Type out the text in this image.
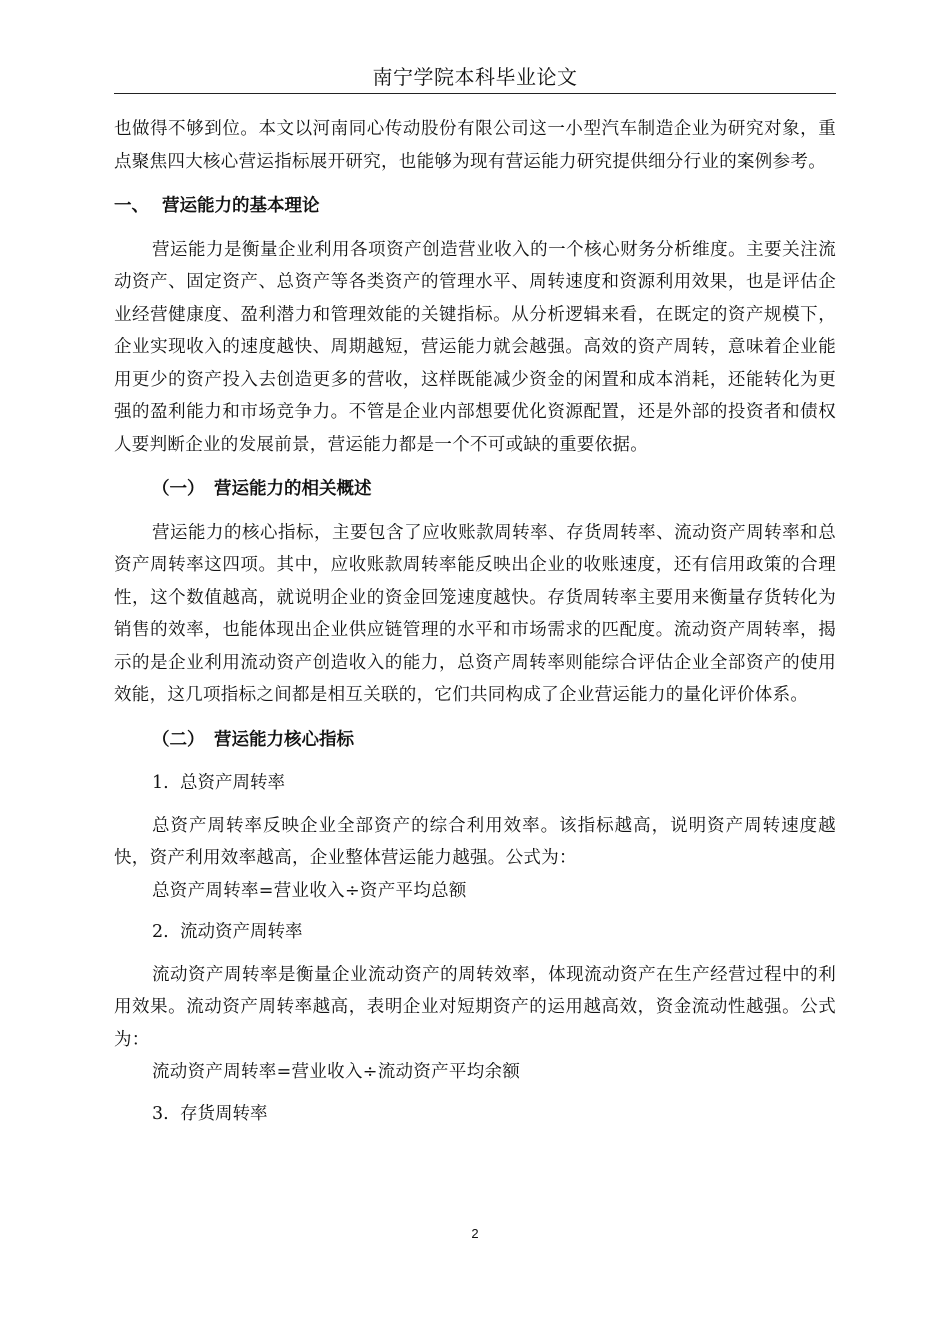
南宁学院本科毕业论文

也做得不够到位。本文以河南同心传动股份有限公司这一小型汽车制造企业为研究对象，重点聚焦四大核心营运指标展开研究，也能够为现有营运能力研究提供细分行业的案例参考。

一、 营运能力的基本理论

营运能力是衡量企业利用各项资产创造营业收入的一个核心财务分析维度。主要关注流动资产、固定资产、总资产等各类资产的管理水平、周转速度和资源利用效果，也是评估企业经营健康度、盈利潜力和管理效能的关键指标。从分析逻辑来看，在既定的资产规模下，企业实现收入的速度越快、周期越短，营运能力就会越强。高效的资产周转，意味着企业能用更少的资产投入去创造更多的营收，这样既能减少资金的闲置和成本消耗，还能转化为更强的盈利能力和市场竞争力。不管是企业内部想要优化资源配置，还是外部的投资者和债权人要判断企业的发展前景，营运能力都是一个不可或缺的重要依据。

（一） 营运能力的相关概述

营运能力的核心指标，主要包含了应收账款周转率、存货周转率、流动资产周转率和总资产周转率这四项。其中，应收账款周转率能反映出企业的收账速度，还有信用政策的合理性，这个数值越高，就说明企业的资金回笼速度越快。存货周转率主要用来衡量存货转化为销售的效率，也能体现出企业供应链管理的水平和市场需求的匹配度。流动资产周转率，揭示的是企业利用流动资产创造收入的能力，总资产周转率则能综合评估企业全部资产的使用效能，这几项指标之间都是相互关联的，它们共同构成了企业营运能力的量化评价体系。

（二） 营运能力核心指标
1. 总资产周转率

总资产周转率反映企业全部资产的综合利用效率。该指标越高，说明资产周转速度越快，资产利用效率越高，企业整体营运能力越强。公式为：

总资产周转率=营业收入÷资产平均总额

2. 流动资产周转率

流动资产周转率是衡量企业流动资产的周转效率，体现流动资产在生产经营过程中的利用效果。流动资产周转率越高，表明企业对短期资产的运用越高效，资金流动性越强。公式为：

流动资产周转率=营业收入÷流动资产平均余额

3. 存货周转率
2
